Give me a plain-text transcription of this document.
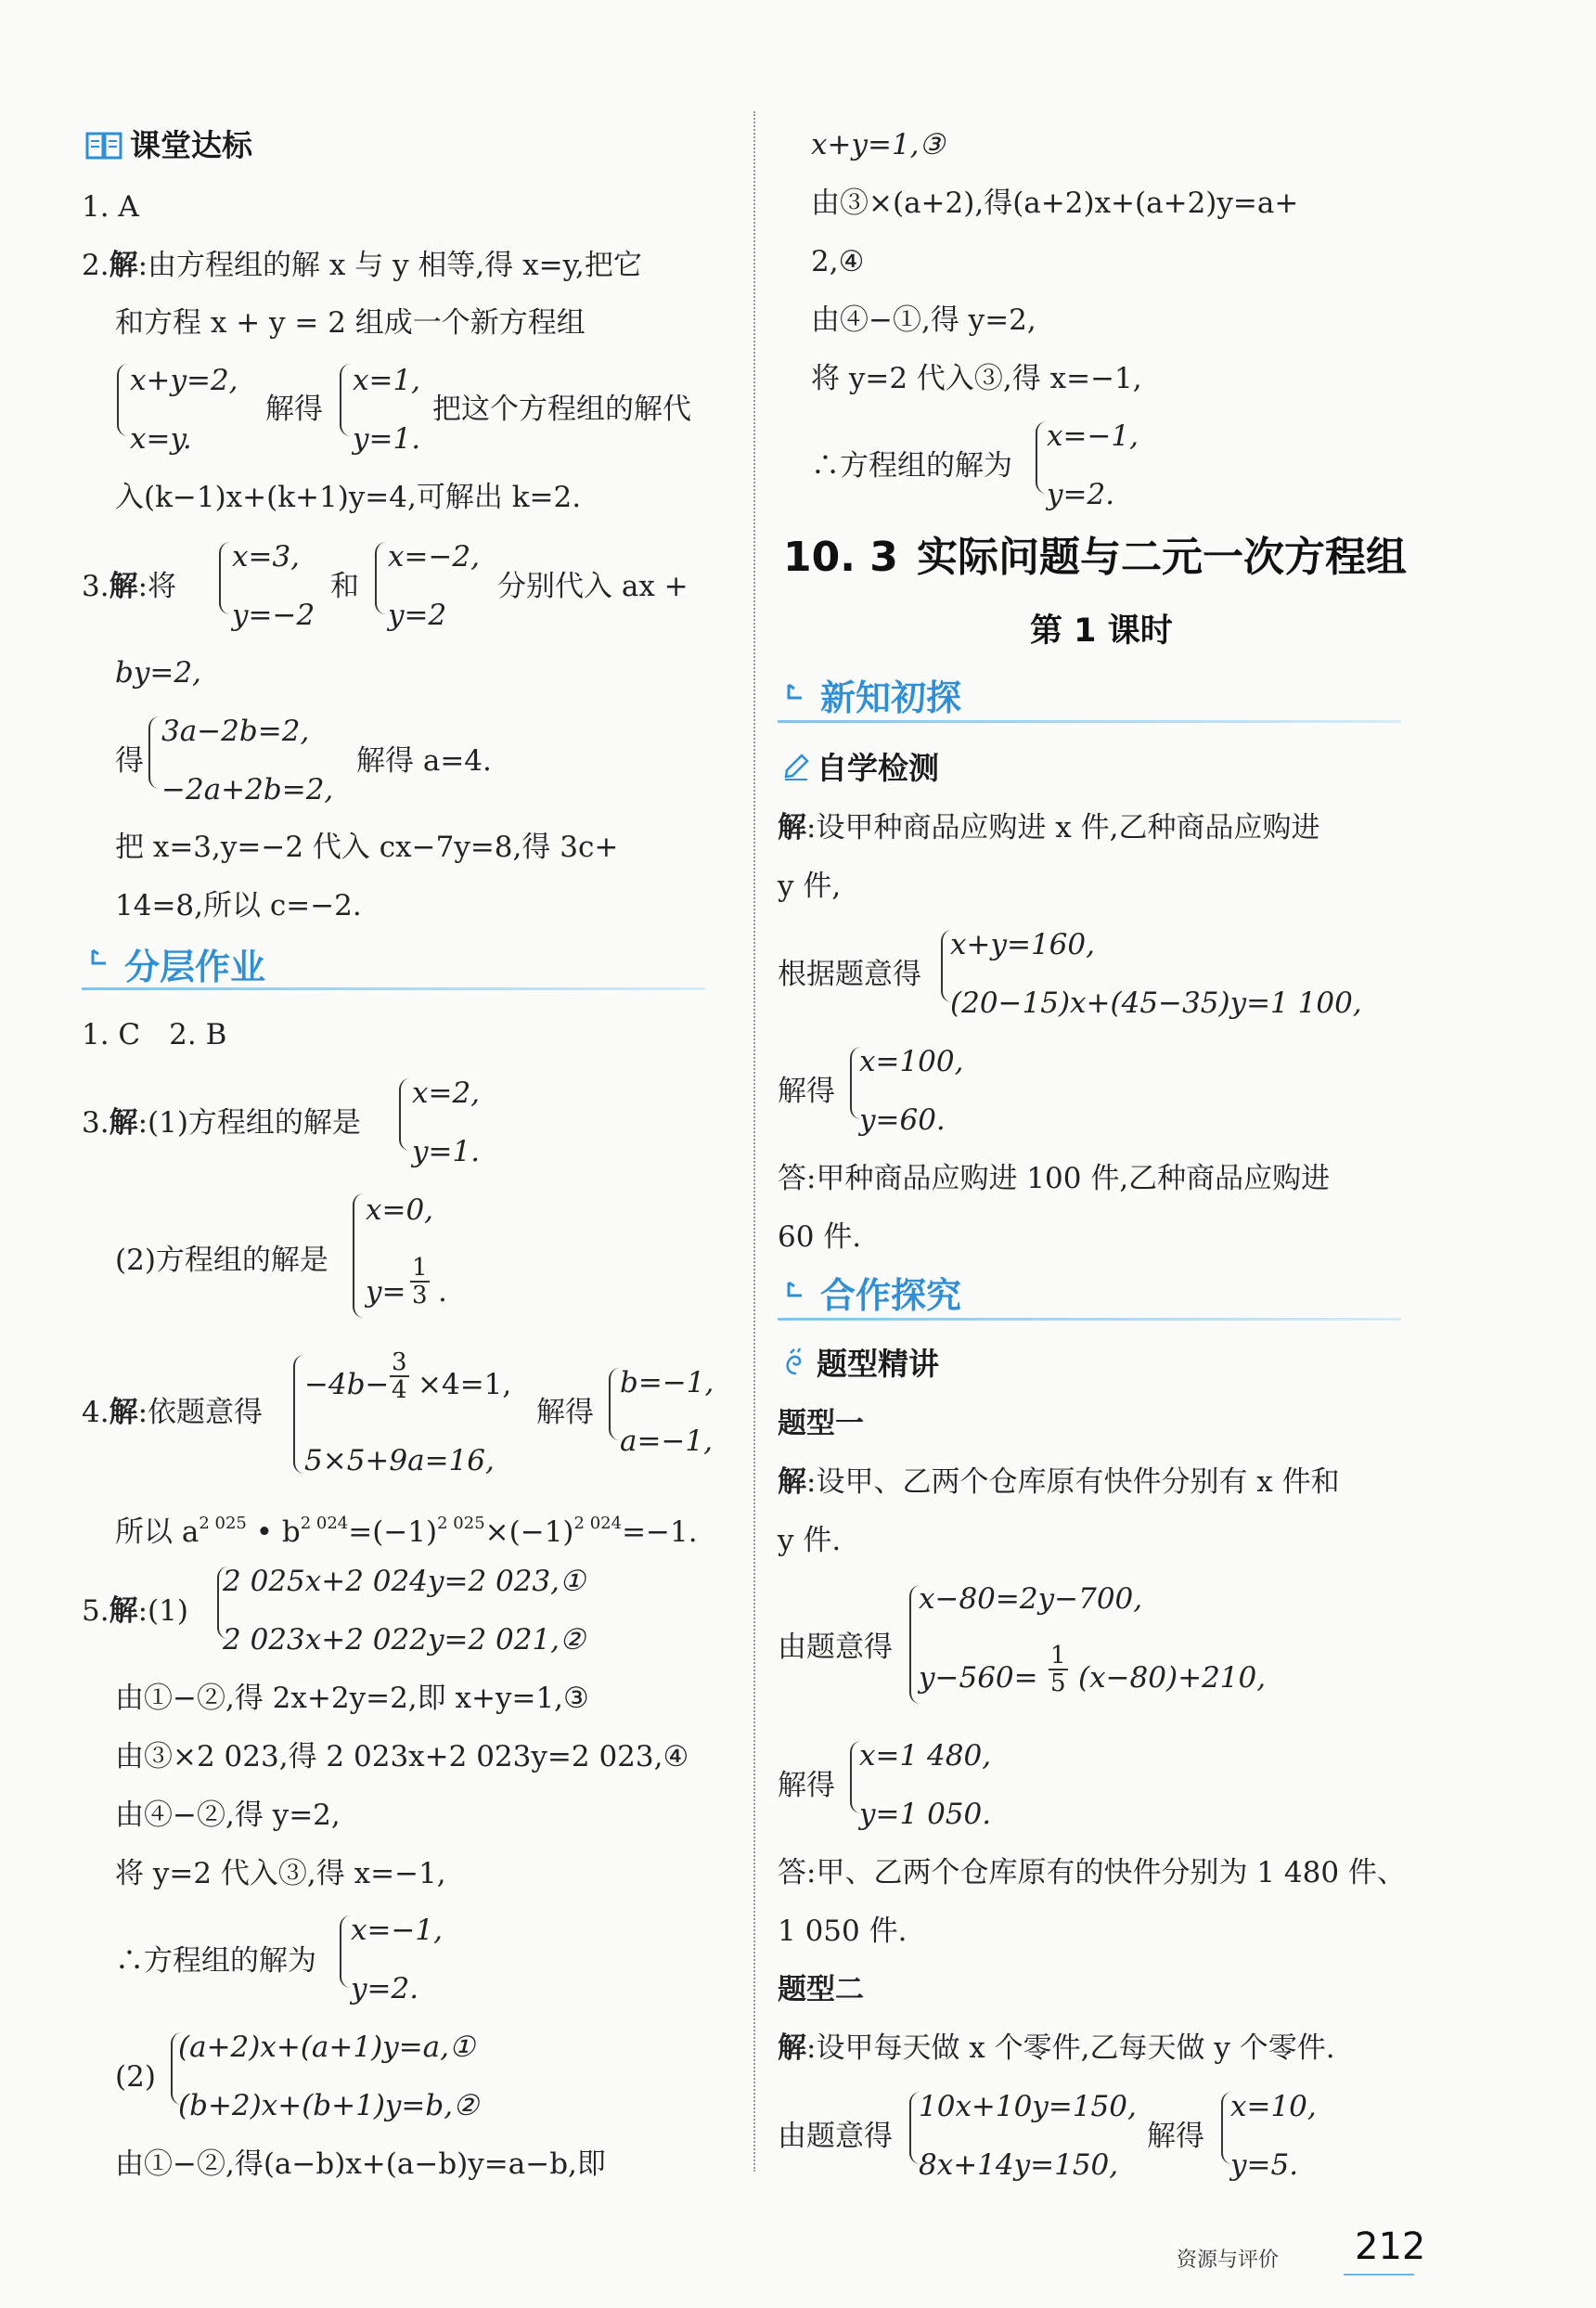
课堂达标
1. A
2.解:由方程组的解 x 与 y 相等,得 x=y,把它
和方程 x + y = 2 组成一个新方程组
x+y=2,
x=y.
解得
x=1,
y=1.
把这个方程组的解代
入(k−1)x+(k+1)y=4,可解出 k=2.
3.解:将
x=3,
y=−2
和
x=−2,
y=2
分别代入 ax +
by=2,
得
3a−2b=2,
−2a+2b=2,
解得 a=4.
把 x=3,y=−2 代入 cx−7y=8,得 3c+
14=8,所以 c=−2.
分层作业
1. C　2. B
3.解:(1)方程组的解是
x=2,
y=1.
(2)方程组的解是
x=0,
$y= \frac{1}{3}$ .
4.解:依题意得
$-4b- \frac{3}{4} \times 4=1$,
5×5+9a=16,
解得
b=−1,
a=−1,
所以 $a^{2 025}$ • $b^{2 024}=(-1)^{2 025}\times(-1)^{2 024}=-1$.
5.解:(1)
2 025x+2 024y=2 023,①
2 023x+2 022y=2 021,②
由①−②,得 2x+2y=2,即 x+y=1,③
由③×2 023,得 2 023x+2 023y=2 023,④
由④−②,得 y=2,
将 y=2 代入③,得 x=−1,
∴方程组的解为
x=−1,
y=2.
(2)
(a+2)x+(a+1)y=a,①
(b+2)x+(b+1)y=b,②
由①−②,得(a−b)x+(a−b)y=a−b,即
x+y=1,③
由③×(a+2),得(a+2)x+(a+2)y=a+
2,④
由④−①,得 y=2,
将 y=2 代入③,得 x=−1,
∴方程组的解为
x=−1,
y=2.
10. 3 实际问题与二元一次方程组
第 1 课时
新知初探
自学检测
解:设甲种商品应购进 x 件,乙种商品应购进
y 件,
根据题意得
x+y=160,
(20−15)x+(45−35)y=1 100,
解得
x=100,
y=60.
答:甲种商品应购进 100 件,乙种商品应购进
60 件.
合作探究
题型精讲
题型一
解:设甲、乙两个仓库原有快件分别有 x 件和
y 件.
由题意得
x−80=2y−700,
$y-560= \frac{1}{5} (x-80)+210$,
解得
x=1 480,
y=1 050.
答:甲、乙两个仓库原有的快件分别为 1 480 件、
1 050 件.
题型二
解:设甲每天做 x 个零件,乙每天做 y 个零件.
由题意得
10x+10y=150,
8x+14y=150,
解得
x=10,
y=5.
资源与评价 212
